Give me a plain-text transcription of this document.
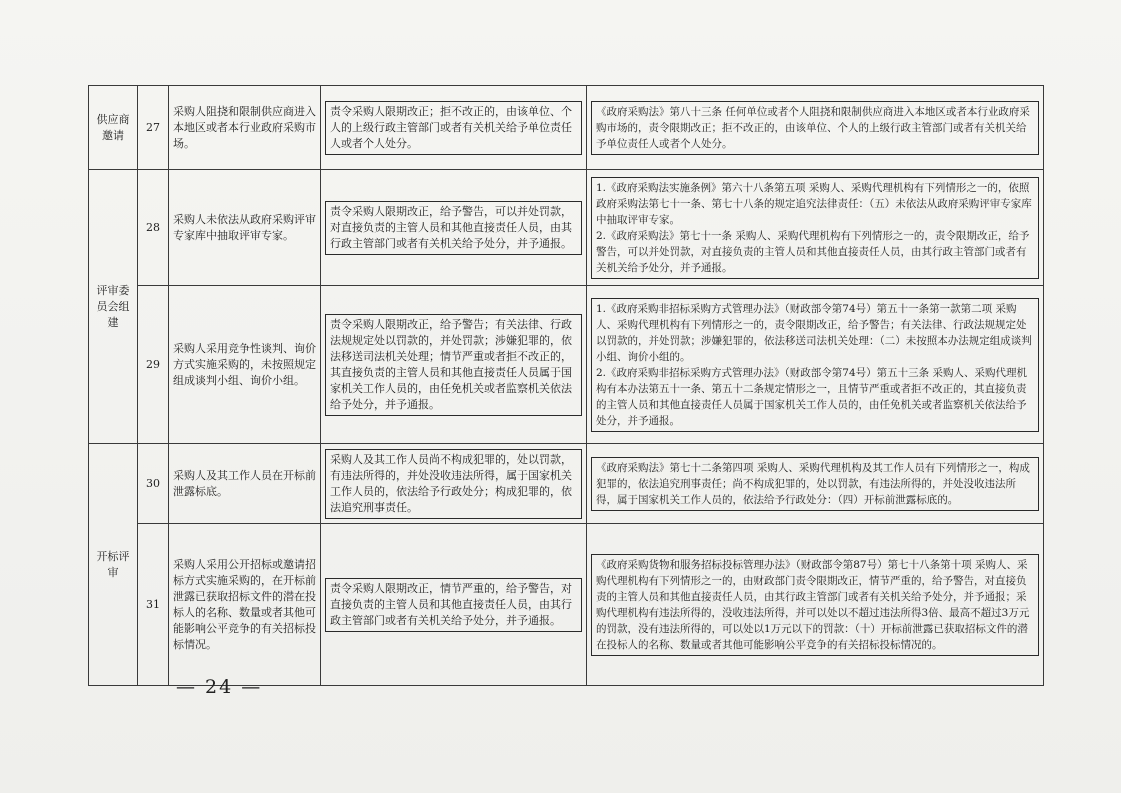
供应商邀请	27	采购人阻挠和限制供应商进入本地区或者本行业政府采购市场。	责令采购人限期改正；拒不改正的，由该单位、个人的上级行政主管部门或者有关机关给予单位责任人或者个人处分。	《政府采购法》第八十三条 任何单位或者个人阻挠和限制供应商进入本地区或者本行业政府采购市场的，责令限期改正；拒不改正的，由该单位、个人的上级行政主管部门或者有关机关给予单位责任人或者个人处分。

评审委员会组建	28	采购人未依法从政府采购评审专家库中抽取评审专家。	责令采购人限期改正，给予警告，可以并处罚款，对直接负责的主管人员和其他直接责任人员，由其行政主管部门或者有关机关给予处分，并予通报。	1.《政府采购法实施条例》第六十八条第五项 采购人、采购代理机构有下列情形之一的，依照政府采购法第七十一条、第七十八条的规定追究法律责任：（五）未依法从政府采购评审专家库中抽取评审专家。
2.《政府采购法》第七十一条 采购人、采购代理机构有下列情形之一的，责令限期改正，给予警告，可以并处罚款，对直接负责的主管人员和其他直接责任人员，由其行政主管部门或者有关机关给予处分，并予通报。

	29	采购人采用竞争性谈判、询价方式实施采购的，未按照规定组成谈判小组、询价小组。	责令采购人限期改正，给予警告；有关法律、行政法规规定处以罚款的，并处罚款；涉嫌犯罪的，依法移送司法机关处理；情节严重或者拒不改正的，其直接负责的主管人员和其他直接责任人员属于国家机关工作人员的，由任免机关或者监察机关依法给予处分，并予通报。	1.《政府采购非招标采购方式管理办法》（财政部令第74号）第五十一条第一款第二项 采购人、采购代理机构有下列情形之一的，责令限期改正，给予警告；有关法律、行政法规规定处以罚款的，并处罚款；涉嫌犯罪的，依法移送司法机关处理：（二）未按照本办法规定组成谈判小组、询价小组的。
2.《政府采购非招标采购方式管理办法》（财政部令第74号）第五十三条 采购人、采购代理机构有本办法第五十一条、第五十二条规定情形之一，且情节严重或者拒不改正的，其直接负责的主管人员和其他直接责任人员属于国家机关工作人员的，由任免机关或者监察机关依法给予处分，并予通报。

开标评审	30	采购人及其工作人员在开标前泄露标底。	采购人及其工作人员尚不构成犯罪的，处以罚款，有违法所得的，并处没收违法所得，属于国家机关工作人员的，依法给予行政处分；构成犯罪的，依法追究刑事责任。	《政府采购法》第七十二条第四项 采购人、采购代理机构及其工作人员有下列情形之一，构成犯罪的，依法追究刑事责任；尚不构成犯罪的，处以罚款，有违法所得的，并处没收违法所得，属于国家机关工作人员的，依法给予行政处分：（四）开标前泄露标底的。

	31	采购人采用公开招标或邀请招标方式实施采购的，在开标前泄露已获取招标文件的潜在投标人的名称、数量或者其他可能影响公平竞争的有关招标投标情况。	责令采购人限期改正，情节严重的，给予警告，对直接负责的主管人员和其他直接责任人员，由其行政主管部门或者有关机关给予处分，并予通报。	《政府采购货物和服务招标投标管理办法》（财政部令第87号）第七十八条第十项 采购人、采购代理机构有下列情形之一的，由财政部门责令限期改正，情节严重的，给予警告，对直接负责的主管人员和其他直接责任人员，由其行政主管部门或者有关机关给予处分，并予通报；采购代理机构有违法所得的，没收违法所得，并可以处以不超过违法所得3倍、最高不超过3万元的罚款，没有违法所得的，可以处以1万元以下的罚款：（十）开标前泄露已获取招标文件的潜在投标人的名称、数量或者其他可能影响公平竞争的有关招标投标情况的。
— 24 —
